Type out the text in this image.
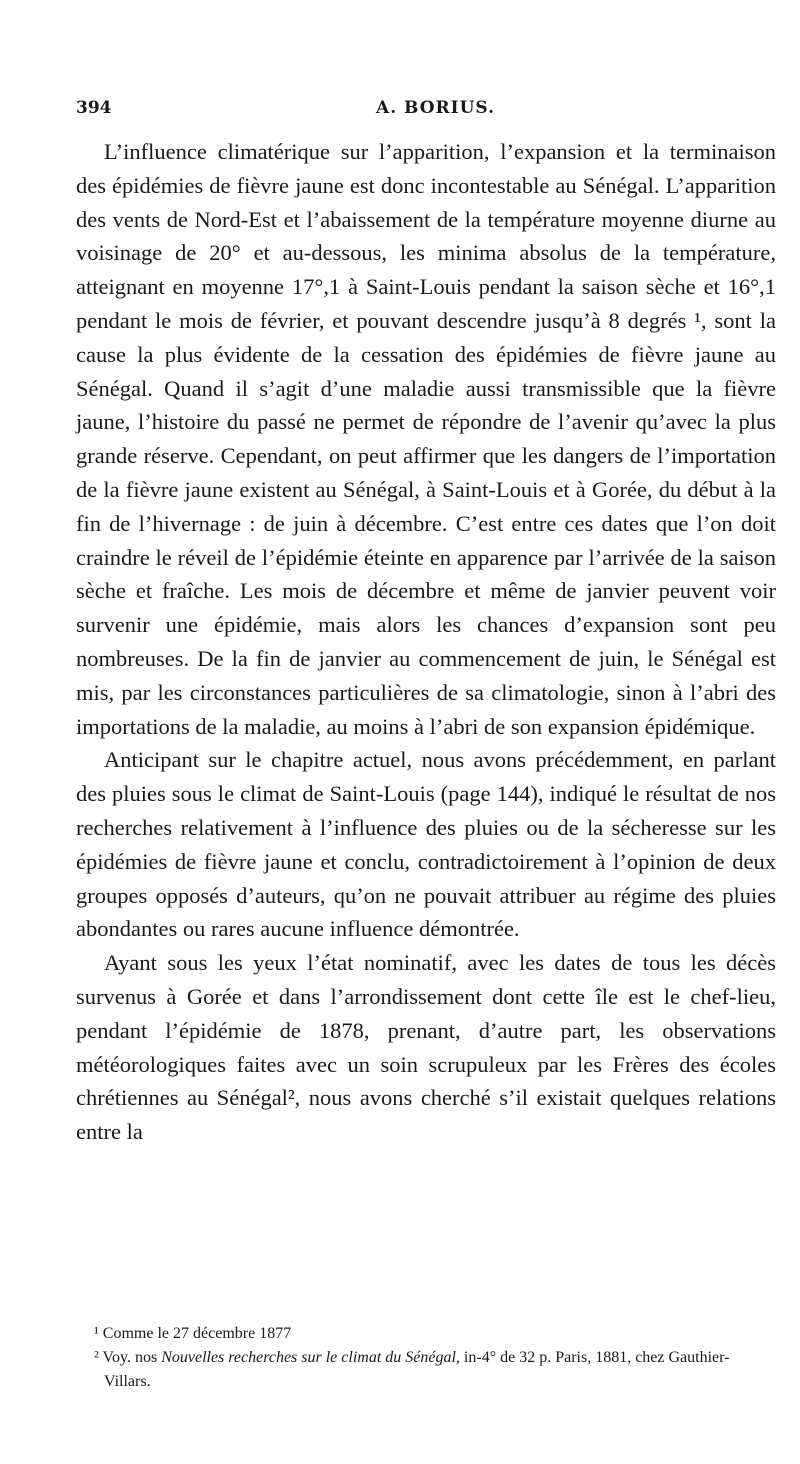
394	A. BORIUS.

L’influence climatérique sur l’apparition, l’expansion et la terminaison des épidémies de fièvre jaune est donc incontestable au Sénégal. L’apparition des vents de Nord-Est et l’abaissement de la température moyenne diurne au voisinage de 20° et au-dessous, les minima absolus de la température, atteignant en moyenne 17°,1 à Saint-Louis pendant la saison sèche et 16°,1 pendant le mois de février, et pouvant descendre jusqu’à 8 degrés ¹, sont la cause la plus évidente de la cessation des épidémies de fièvre jaune au Sénégal. Quand il s’agit d’une maladie aussi transmissible que la fièvre jaune, l’histoire du passé ne permet de répondre de l’avenir qu’avec la plus grande réserve. Cependant, on peut affirmer que les dangers de l’importation de la fièvre jaune existent au Sénégal, à Saint-Louis et à Gorée, du début à la fin de l’hivernage : de juin à décembre. C’est entre ces dates que l’on doit craindre le réveil de l’épidémie éteinte en apparence par l’arrivée de la saison sèche et fraîche. Les mois de décembre et même de janvier peuvent voir survenir une épidémie, mais alors les chances d’expansion sont peu nombreuses. De la fin de janvier au commencement de juin, le Sénégal est mis, par les circonstances particulières de sa climatologie, sinon à l’abri des importations de la maladie, au moins à l’abri de son expansion épidémique.

Anticipant sur le chapitre actuel, nous avons précédemment, en parlant des pluies sous le climat de Saint-Louis (page 144), indiqué le résultat de nos recherches relativement à l’influence des pluies ou de la sécheresse sur les épidémies de fièvre jaune et conclu, contradictoirement à l’opinion de deux groupes opposés d’auteurs, qu’on ne pouvait attribuer au régime des pluies abondantes ou rares aucune influence démontrée.

Ayant sous les yeux l’état nominatif, avec les dates de tous les décès survenus à Gorée et dans l’arrondissement dont cette île est le chef-lieu, pendant l’épidémie de 1878, prenant, d’autre part, les observations météorologiques faites avec un soin scrupuleux par les Frères des écoles chrétiennes au Sénégal², nous avons cherché s’il existait quelques relations entre la

¹ Comme le 27 décembre 1877

² Voy. nos Nouvelles recherches sur le climat du Sénégal, in-4° de 32 p. Paris, 1881, chez Gauthier-Villars.
